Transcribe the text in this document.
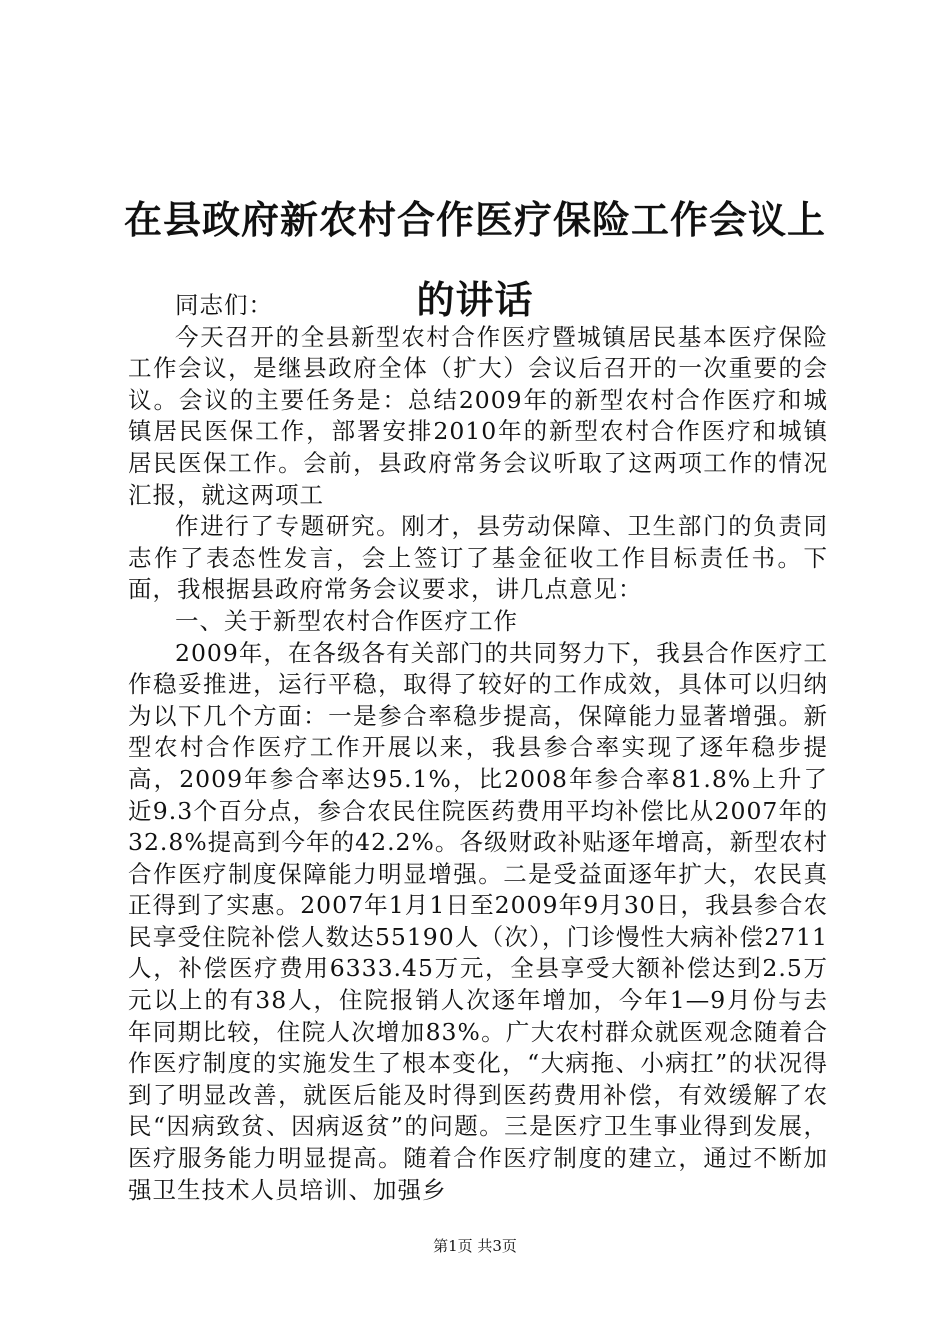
在县政府新农村合作医疗保险工作会议上的讲话

同志们：

今天召开的全县新型农村合作医疗暨城镇居民基本医疗保险工作会议，是继县政府全体（扩大）会议后召开的一次重要的会议。会议的主要任务是：总结2009年的新型农村合作医疗和城镇居民医保工作，部署安排2010年的新型农村合作医疗和城镇居民医保工作。会前，县政府常务会议听取了这两项工作的情况汇报，就这两项工

作进行了专题研究。刚才，县劳动保障、卫生部门的负责同志作了表态性发言，会上签订了基金征收工作目标责任书。下面，我根据县政府常务会议要求，讲几点意见：

一、关于新型农村合作医疗工作

2009年，在各级各有关部门的共同努力下，我县合作医疗工作稳妥推进，运行平稳，取得了较好的工作成效，具体可以归纳为以下几个方面：一是参合率稳步提高，保障能力显著增强。新型农村合作医疗工作开展以来，我县参合率实现了逐年稳步提高，2009年参合率达95.1%，比2008年参合率81.8%上升了近9.3个百分点，参合农民住院医药费用平均补偿比从2007年的32.8%提高到今年的42.2%。各级财政补贴逐年增高，新型农村合作医疗制度保障能力明显增强。二是受益面逐年扩大，农民真正得到了实惠。2007年1月1日至2009年9月30日，我县参合农民享受住院补偿人数达55190人（次），门诊慢性大病补偿2711人，补偿医疗费用6333.45万元，全县享受大额补偿达到2.5万元以上的有38人，住院报销人次逐年增加，今年1—9月份与去年同期比较，住院人次增加83%。广大农村群众就医观念随着合作医疗制度的实施发生了根本变化，“大病拖、小病扛”的状况得到了明显改善，就医后能及时得到医药费用补偿，有效缓解了农民“因病致贫、因病返贫”的问题。三是医疗卫生事业得到发展，医疗服务能力明显提高。随着合作医疗制度的建立，通过不断加强卫生技术人员培训、加强乡

第1页 共3页
